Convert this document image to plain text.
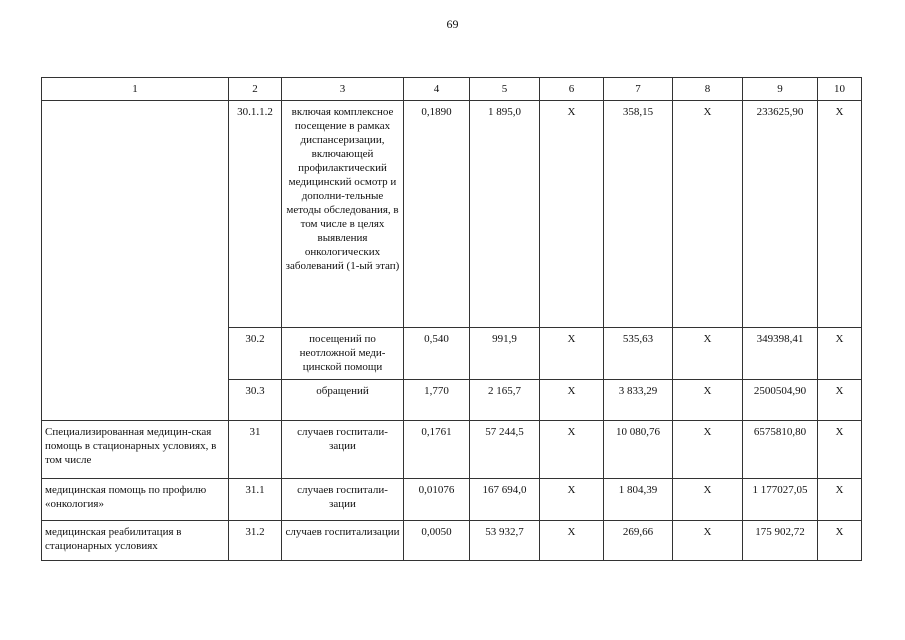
69
1	2	3	4	5	6	7	8	9	10
	30.1.1.2	включая комплексное посещение в рамках диспансеризации, включающей профилактический медицинский осмотр и дополни-тельные методы обследования, в том числе в целях выявления онкологических заболеваний (1-ый этап)	0,1890	1 895,0	Х	358,15	Х	233625,90	Х
	30.2	посещений по неотложной меди-цинской помощи	0,540	991,9	Х	535,63	Х	349398,41	Х
	30.3	обращений	1,770	2 165,7	Х	3 833,29	Х	2500504,90	Х
Специализированная медицин-ская помощь в стационарных условиях, в том числе	31	случаев госпитали-зации	0,1761	57 244,5	Х	10 080,76	Х	6575810,80	Х
медицинская помощь по профилю «онкология»	31.1	случаев госпитали-зации	0,01076	167 694,0	Х	1 804,39	Х	1 177027,05	Х
медицинская реабилитация в стационарных условиях	31.2	случаев госпитализации	0,0050	53 932,7	Х	269,66	Х	175 902,72	Х
